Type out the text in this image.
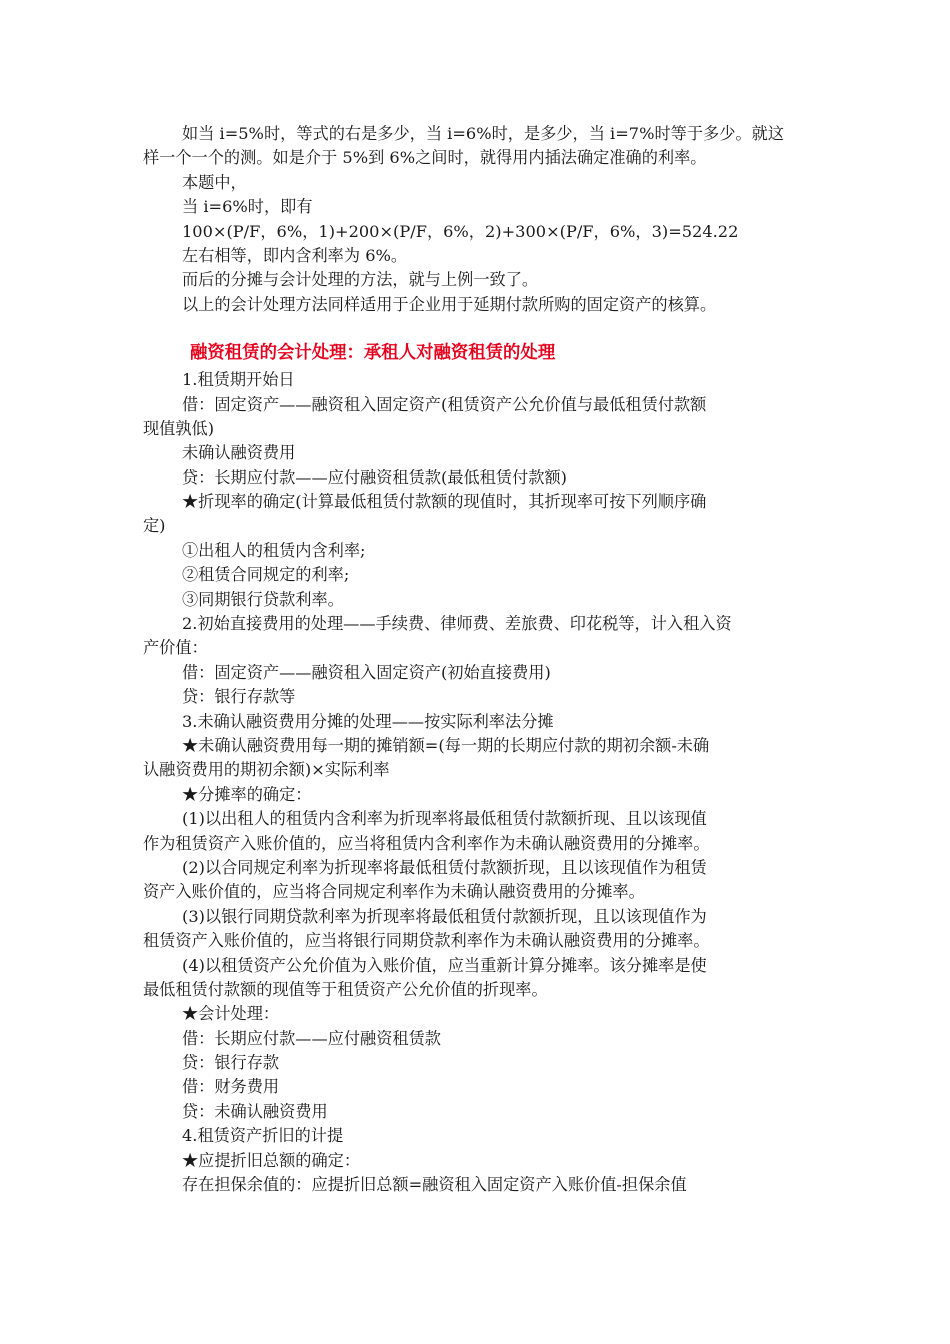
如当 i=5%时，等式的右是多少，当 i=6%时，是多少，当 i=7%时等于多少。就这
样一个一个的测。如是介于 5%到 6%之间时，就得用内插法确定准确的利率。
本题中，
当 i=6%时，即有
100×(P/F，6%，1)+200×(P/F，6%，2)+300×(P/F，6%，3)=524.22
左右相等，即内含利率为 6%。
而后的分摊与会计处理的方法，就与上例一致了。
以上的会计处理方法同样适用于企业用于延期付款所购的固定资产的核算。
融资租赁的会计处理：承租人对融资租赁的处理
1.租赁期开始日
借：固定资产——融资租入固定资产(租赁资产公允价值与最低租赁付款额
现值孰低)
未确认融资费用
贷：长期应付款——应付融资租赁款(最低租赁付款额)
★折现率的确定(计算最低租赁付款额的现值时，其折现率可按下列顺序确
定)
①出租人的租赁内含利率;
②租赁合同规定的利率;
③同期银行贷款利率。
2.初始直接费用的处理——手续费、律师费、差旅费、印花税等，计入租入资
产价值：
借：固定资产——融资租入固定资产(初始直接费用)
贷：银行存款等
3.未确认融资费用分摊的处理——按实际利率法分摊
★未确认融资费用每一期的摊销额=(每一期的长期应付款的期初余额-未确
认融资费用的期初余额)×实际利率
★分摊率的确定：
(1)以出租人的租赁内含利率为折现率将最低租赁付款额折现、且以该现值
作为租赁资产入账价值的，应当将租赁内含利率作为未确认融资费用的分摊率。
(2)以合同规定利率为折现率将最低租赁付款额折现，且以该现值作为租赁
资产入账价值的，应当将合同规定利率作为未确认融资费用的分摊率。
(3)以银行同期贷款利率为折现率将最低租赁付款额折现，且以该现值作为
租赁资产入账价值的，应当将银行同期贷款利率作为未确认融资费用的分摊率。
(4)以租赁资产公允价值为入账价值，应当重新计算分摊率。该分摊率是使
最低租赁付款额的现值等于租赁资产公允价值的折现率。
★会计处理：
借：长期应付款——应付融资租赁款
贷：银行存款
借：财务费用
贷：未确认融资费用
4.租赁资产折旧的计提
★应提折旧总额的确定：
存在担保余值的：应提折旧总额=融资租入固定资产入账价值-担保余值
